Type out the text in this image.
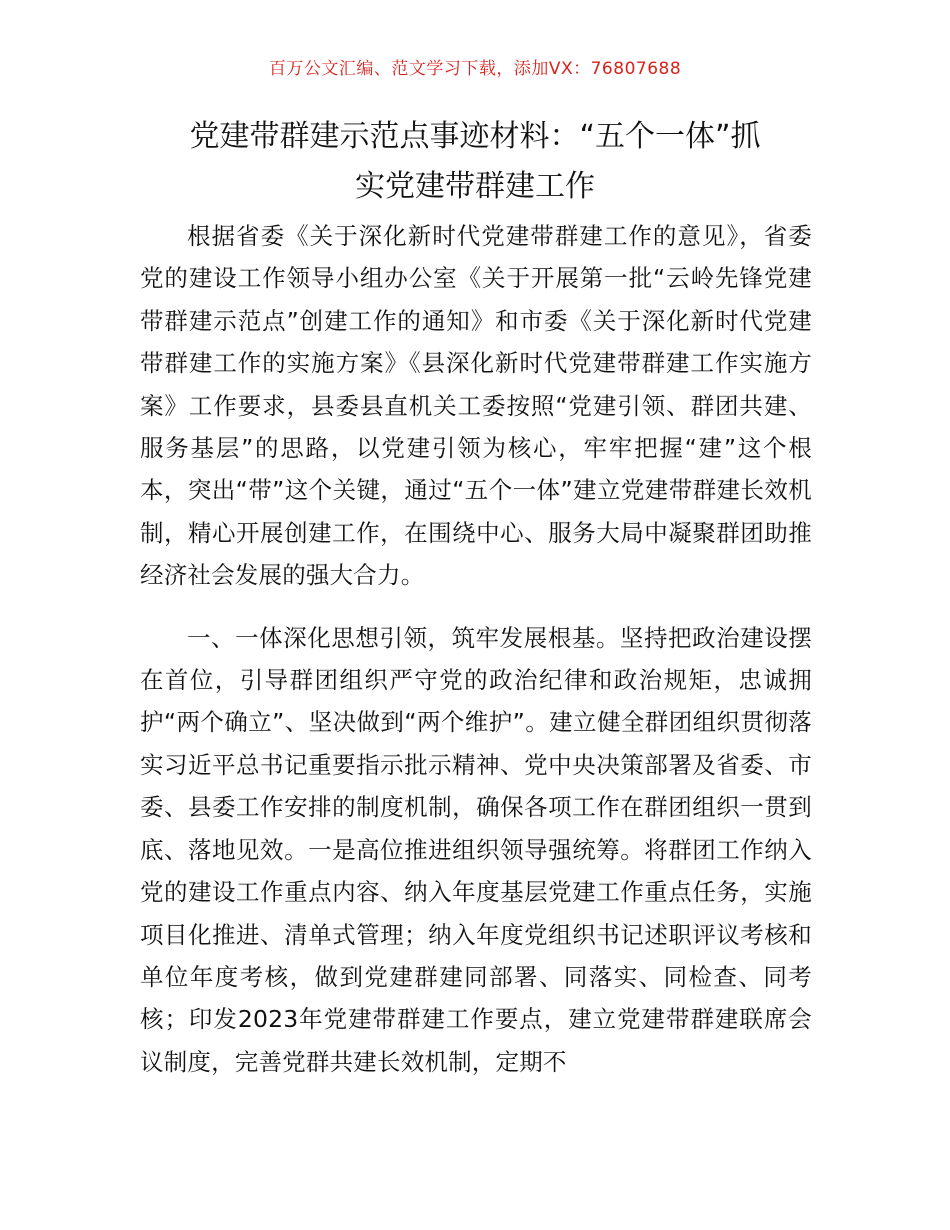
百万公文汇编、范文学习下载，添加VX：76807688
党建带群建示范点事迹材料：“五个一体”抓
实党建带群建工作

根据省委《关于深化新时代党建带群建工作的意见》，省委党的建设工作领导小组办公室《关于开展第一批“云岭先锋党建带群建示范点”创建工作的通知》和市委《关于深化新时代党建带群建工作的实施方案》《县深化新时代党建带群建工作实施方案》工作要求，县委县直机关工委按照“党建引领、群团共建、服务基层”的思路，以党建引领为核心，牢牢把握“建”这个根本，突出“带”这个关键，通过“五个一体”建立党建带群建长效机制，精心开展创建工作，在围绕中心、服务大局中凝聚群团助推经济社会发展的强大合力。

一、一体深化思想引领，筑牢发展根基。坚持把政治建设摆在首位，引导群团组织严守党的政治纪律和政治规矩，忠诚拥护“两个确立”、坚决做到“两个维护”。建立健全群团组织贯彻落实习近平总书记重要指示批示精神、党中央决策部署及省委、市委、县委工作安排的制度机制，确保各项工作在群团组织一贯到底、落地见效。一是高位推进组织领导强统筹。将群团工作纳入党的建设工作重点内容、纳入年度基层党建工作重点任务，实施项目化推进、清单式管理；纳入年度党组织书记述职评议考核和单位年度考核，做到党建群建同部署、同落实、同检查、同考核；印发2023年党建带群建工作要点，建立党建带群建联席会议制度，完善党群共建长效机制，定期不
